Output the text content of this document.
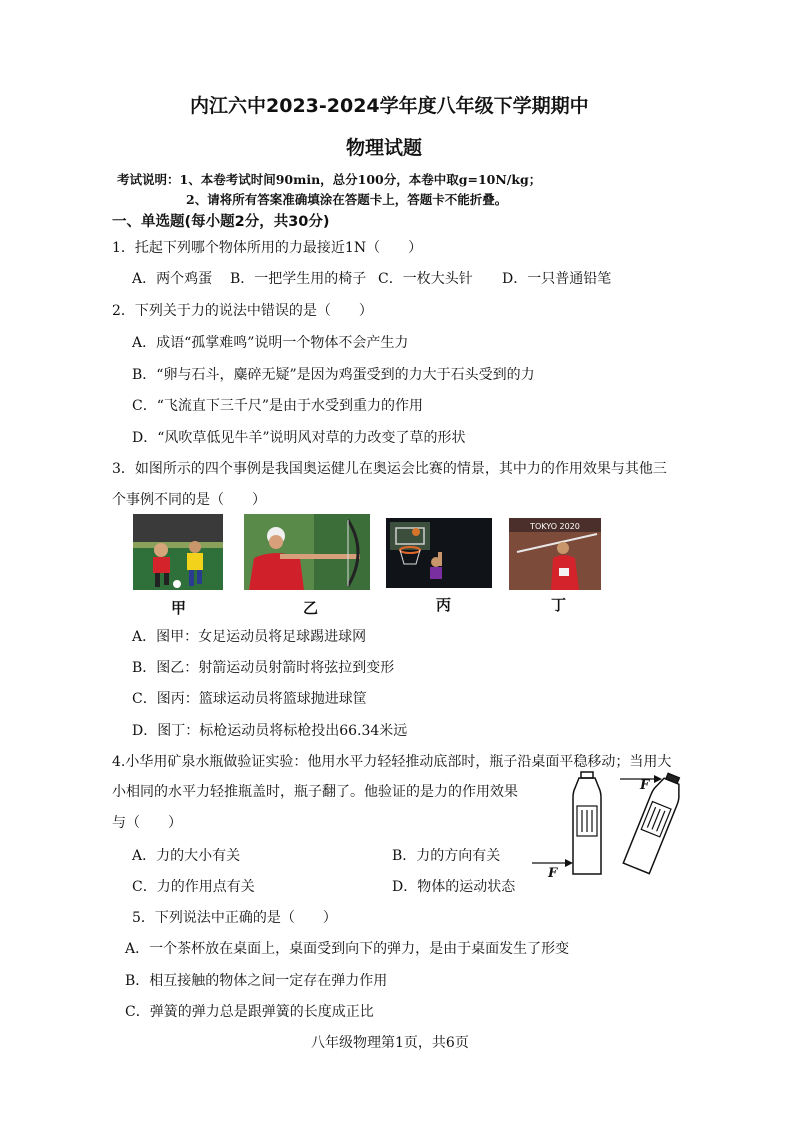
内江六中2023-2024学年度八年级下学期期中
物理试题
考试说明：1、本卷考试时间90min，总分100分，本卷中取g=10N/kg；
2、请将所有答案准确填涂在答题卡上，答题卡不能折叠。
一、单选题(每小题2分，共30分)
1．托起下列哪个物体所用的力最接近1N（　　）
A．两个鸡蛋 B．一把学生用的椅子 C．一枚大头针 D．一只普通铅笔
2．下列关于力的说法中错误的是（　　）
A．成语“孤掌难鸣”说明一个物体不会产生力
B．“卵与石斗，麋碎无疑”是因为鸡蛋受到的力大于石头受到的力
C．“飞流直下三千尺”是由于水受到重力的作用
D．“风吹草低见牛羊”说明风对草的力改变了草的形状
3．如图所示的四个事例是我国奥运健儿在奥运会比赛的情景，其中力的作用效果与其他三
个事例不同的是（　　）
TOKYO 2020
甲	乙	丙	丁
A．图甲：女足运动员将足球踢进球网
B．图乙：射箭运动员射箭时将弦拉到变形
C．图丙：篮球运动员将篮球抛进球筐
D．图丁：标枪运动员将标枪投出66.34米远
4.小华用矿泉水瓶做验证实验：他用水平力轻轻推动底部时，瓶子沿桌面平稳移动；当用大
小相同的水平力轻推瓶盖时，瓶子翻了。他验证的是力的作用效果
与（　　）
F
F
A．力的大小有关	B．力的方向有关
C．力的作用点有关	D．物体的运动状态
5．下列说法中正确的是（　　）
A．一个茶杯放在桌面上，桌面受到向下的弹力，是由于桌面发生了形变
B．相互接触的物体之间一定存在弹力作用
C．弹簧的弹力总是跟弹簧的长度成正比
八年级物理第1页，共6页
